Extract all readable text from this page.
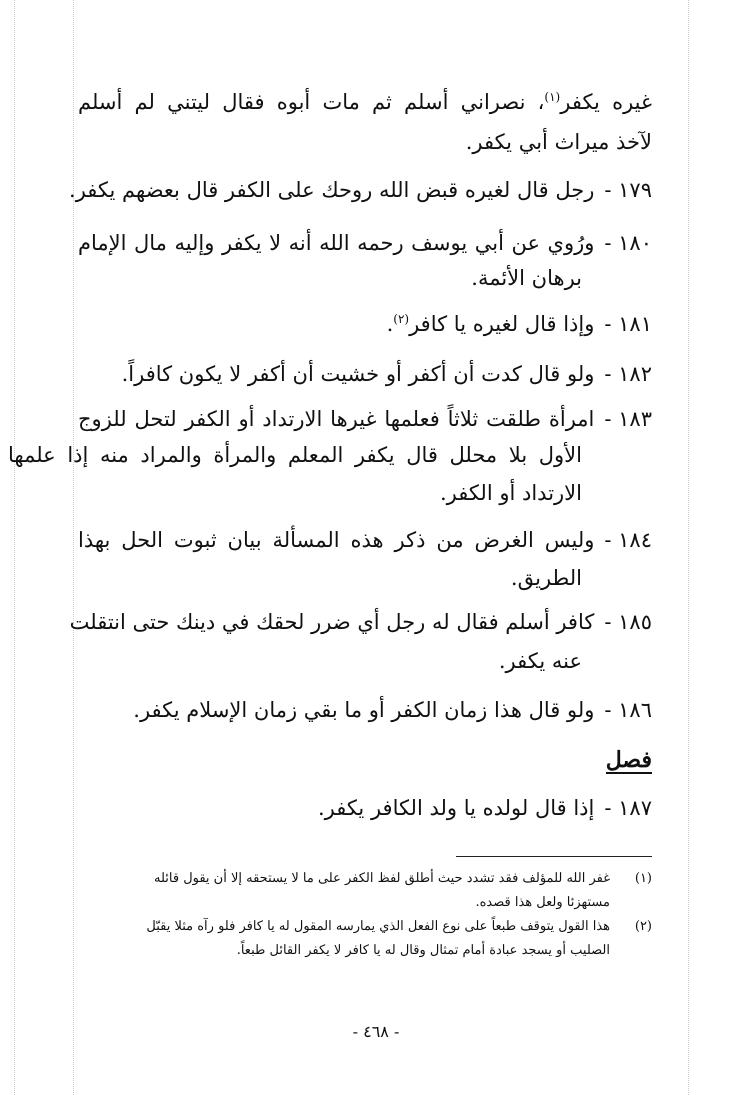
غيره يكفر$^{(١)}$، نصراني أسلم ثم مات أبوه فقال ليتني لم أسلم
لآخذ ميراث أبي يكفر.
١٧٩ -رجل قال لغيره قبض الله روحك على الكفر قال بعضهم يكفر.
١٨٠ -ورُوي عن أبي يوسف رحمه الله أنه لا يكفر وإليه مال الإمام
برهان الأئمة.
١٨١ -وإذا قال لغيره يا كافر$^{(٢)}$.
١٨٢ -ولو قال كدت أن أكفر أو خشيت أن أكفر لا يكون كافراً.
١٨٣ -امرأة طلقت ثلاثاً فعلمها غيرها الارتداد أو الكفر لتحل للزوج
الأول بلا محلل قال يكفر المعلم والمرأة والمراد منه إذا علمها
الارتداد أو الكفر.
١٨٤ -وليس الغرض من ذكر هذه المسألة بيان ثبوت الحل بهذا
الطريق.
١٨٥ -كافر أسلم فقال له رجل أي ضرر لحقك في دينك حتى انتقلت
عنه يكفر.
١٨٦ -ولو قال هذا زمان الكفر أو ما بقي زمان الإسلام يكفر.
فصل
١٨٧ -إذا قال لولده يا ولد الكافر يكفر.
(١)غفر الله للمؤلف فقد تشدد حيث أطلق لفظ الكفر على ما لا يستحقه إلا أن يقول قائله
مستهزئا ولعل هذا قصده.
(٢)هذا القول يتوقف طبعاً على نوع الفعل الذي يمارسه المقول له يا كافر فلو رآه مثلا يقبّل
الصليب أو يسجد عبادة أمام تمثال وقال له يا كافر لا يكفر القائل طبعاً.
- ٤٦٨ -
